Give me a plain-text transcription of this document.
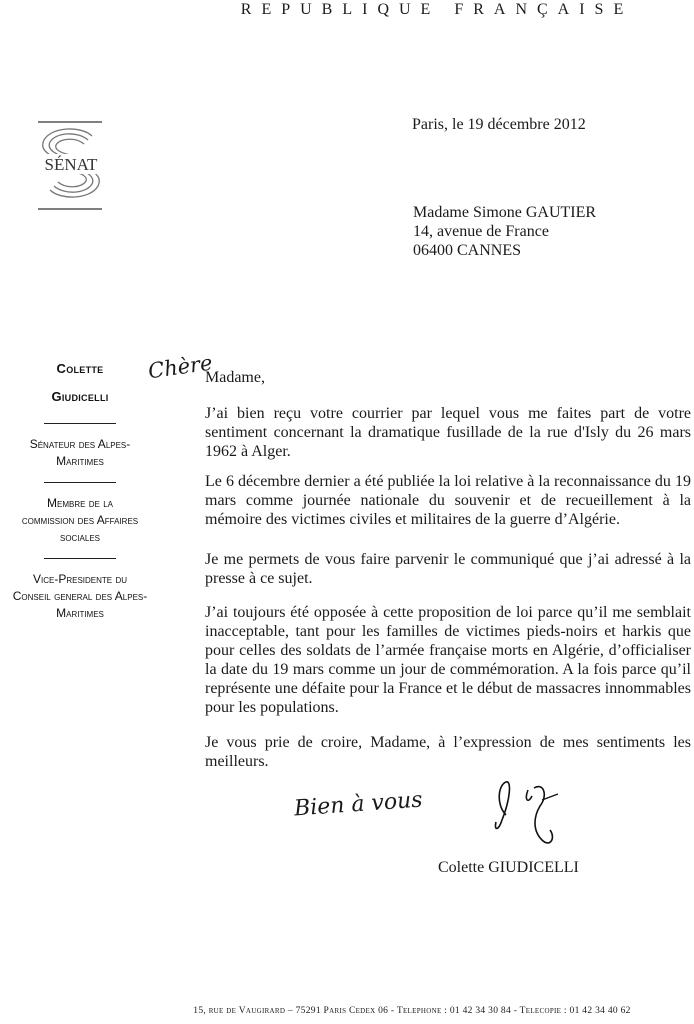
REPUBLIQUE FRANÇAISE
SÉNAT
Paris, le 19 décembre 2012
Madame Simone GAUTIER
14, avenue de France
06400 CANNES
Colette
Giudicelli
Sénateur des Alpes-Maritimes
Membre de la commission des Affaires sociales
Vice-Presidente du Conseil general des Alpes-Maritimes
Chère
Madame,
J’ai bien reçu votre courrier par lequel vous me faites part de votre sentiment concernant la dramatique fusillade de la rue d'Isly du 26 mars 1962 à Alger.
Le 6 décembre dernier a été publiée la loi relative à la reconnaissance du 19 mars comme journée nationale du souvenir et de recueillement à la mémoire des victimes civiles et militaires de la guerre d’Algérie.
Je me permets de vous faire parvenir le communiqué que j’ai adressé à la presse à ce sujet.
J’ai toujours été opposée à cette proposition de loi parce qu’il me semblait inacceptable, tant pour les familles de victimes pieds-noirs et harkis que pour celles des soldats de l’armée française morts en Algérie, d’officialiser la date du 19 mars comme un jour de commémoration. A la fois parce qu’il représente une défaite pour la France et le début de massacres innommables pour les populations.
Je vous prie de croire, Madame, à l’expression de mes sentiments les meilleurs.
Bien à vous
Colette GIUDICELLI
15, rue de Vaugirard – 75291 Paris Cedex 06 - Telephone : 01 42 34 30 84 - Telecopie : 01 42 34 40 62
